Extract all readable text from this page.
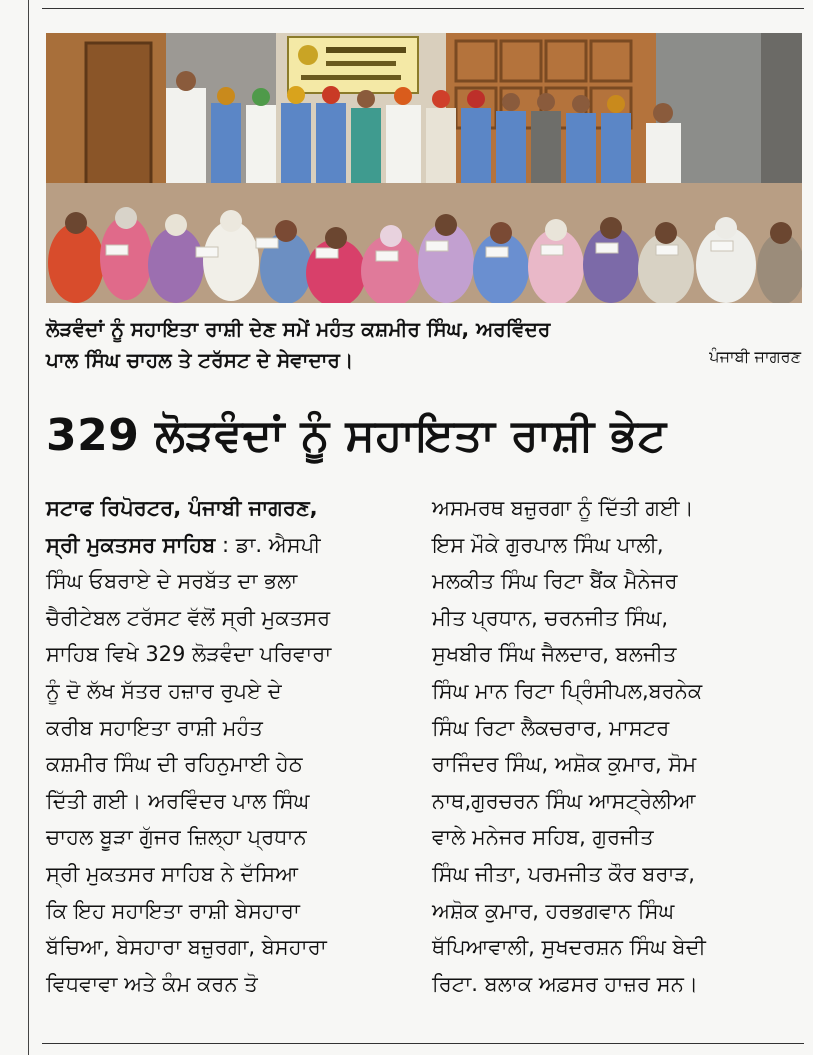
ਲੋੜਵੰਦਾਂ ਨੂੰ ਸਹਾਇਤਾ ਰਾਸ਼ੀ ਦੇਣ ਸਮੇਂ ਮਹੰਤ ਕਸ਼ਮੀਰ ਸਿੰਘ, ਅਰਵਿੰਦਰ
ਪਾਲ ਸਿੰਘ ਚਾਹਲ ਤੇ ਟਰੱਸਟ ਦੇ ਸੇਵਾਦਾਰ।	ਪੰਜਾਬੀ ਜਾਗਰਣ
329 ਲੋੜਵੰਦਾਂ ਨੂੰ ਸਹਾਇਤਾ ਰਾਸ਼ੀ ਭੇਟ
ਸਟਾਫ ਰਿਪੋਰਟਰ, ਪੰਜਾਬੀ ਜਾਗਰਣ,
ਸ੍ਰੀ ਮੁਕਤਸਰ ਸਾਹਿਬ : ਡਾ. ਐਸਪੀ
ਸਿੰਘ ਓਬਰਾਏ ਦੇ ਸਰਬੱਤ ਦਾ ਭਲਾ
ਚੈਰੀਟੇਬਲ ਟਰੱਸਟ ਵੱਲੋਂ ਸ੍ਰੀ ਮੁਕਤਸਰ
ਸਾਹਿਬ ਵਿਖੇ 329 ਲੋੜਵੰਦਾ ਪਰਿਵਾਰਾ
ਨੂੰ ਦੋ ਲੱਖ ਸੱਤਰ ਹਜ਼ਾਰ ਰੁਪਏ ਦੇ
ਕਰੀਬ ਸਹਾਇਤਾ ਰਾਸ਼ੀ ਮਹੰਤ
ਕਸ਼ਮੀਰ ਸਿੰਘ ਦੀ ਰਹਿਨੁਮਾਈ ਹੇਠ
ਦਿੱਤੀ ਗਈ। ਅਰਵਿੰਦਰ ਪਾਲ ਸਿੰਘ
ਚਾਹਲ ਬੂੜਾ ਗੁੱਜਰ ਜ਼ਿਲ੍ਹਾ ਪ੍ਰਧਾਨ
ਸ੍ਰੀ ਮੁਕਤਸਰ ਸਾਹਿਬ ਨੇ ਦੱਸਿਆ
ਕਿ ਇਹ ਸਹਾਇਤਾ ਰਾਸ਼ੀ ਬੇਸਹਾਰਾ
ਬੱਚਿਆ, ਬੇਸਹਾਰਾ ਬਜ਼ੁਰਗਾ, ਬੇਸਹਾਰਾ
ਵਿਧਵਾਵਾ ਅਤੇ ਕੰਮ ਕਰਨ ਤੋ
ਅਸਮਰਥ ਬਜ਼ੁਰਗਾ ਨੂੰ ਦਿੱਤੀ ਗਈ।
ਇਸ ਮੌਕੇ ਗੁਰਪਾਲ ਸਿੰਘ ਪਾਲੀ,
ਮਲਕੀਤ ਸਿੰਘ ਰਿਟਾ ਬੈਂਕ ਮੈਨੇਜਰ
ਮੀਤ ਪ੍ਰਧਾਨ, ਚਰਨਜੀਤ ਸਿੰਘ,
ਸੁਖਬੀਰ ਸਿੰਘ ਜੈਲਦਾਰ, ਬਲਜੀਤ
ਸਿੰਘ ਮਾਨ ਰਿਟਾ ਪ੍ਰਿੰਸੀਪਲ,ਬਰਨੇਕ
ਸਿੰਘ ਰਿਟਾ ਲੈਕਚਰਾਰ, ਮਾਸਟਰ
ਰਾਜਿੰਦਰ ਸਿੰਘ, ਅਸ਼ੋਕ ਕੁਮਾਰ, ਸੋਮ
ਨਾਥ,ਗੁਰਚਰਨ ਸਿੰਘ ਆਸਟ੍ਰੇਲੀਆ
ਵਾਲੇ ਮਨੇਜਰ ਸਹਿਬ, ਗੁਰਜੀਤ
ਸਿੰਘ ਜੀਤਾ, ਪਰਮਜੀਤ ਕੌਰ ਬਰਾੜ,
ਅਸ਼ੋਕ ਕੁਮਾਰ, ਹਰਭਗਵਾਨ ਸਿੰਘ
ਥੱਪਿਆਵਾਲੀ, ਸੁਖਦਰਸ਼ਨ ਸਿੰਘ ਬੇਦੀ
ਰਿਟਾ. ਬਲਾਕ ਅਫ਼ਸਰ ਹਾਜ਼ਰ ਸਨ।
